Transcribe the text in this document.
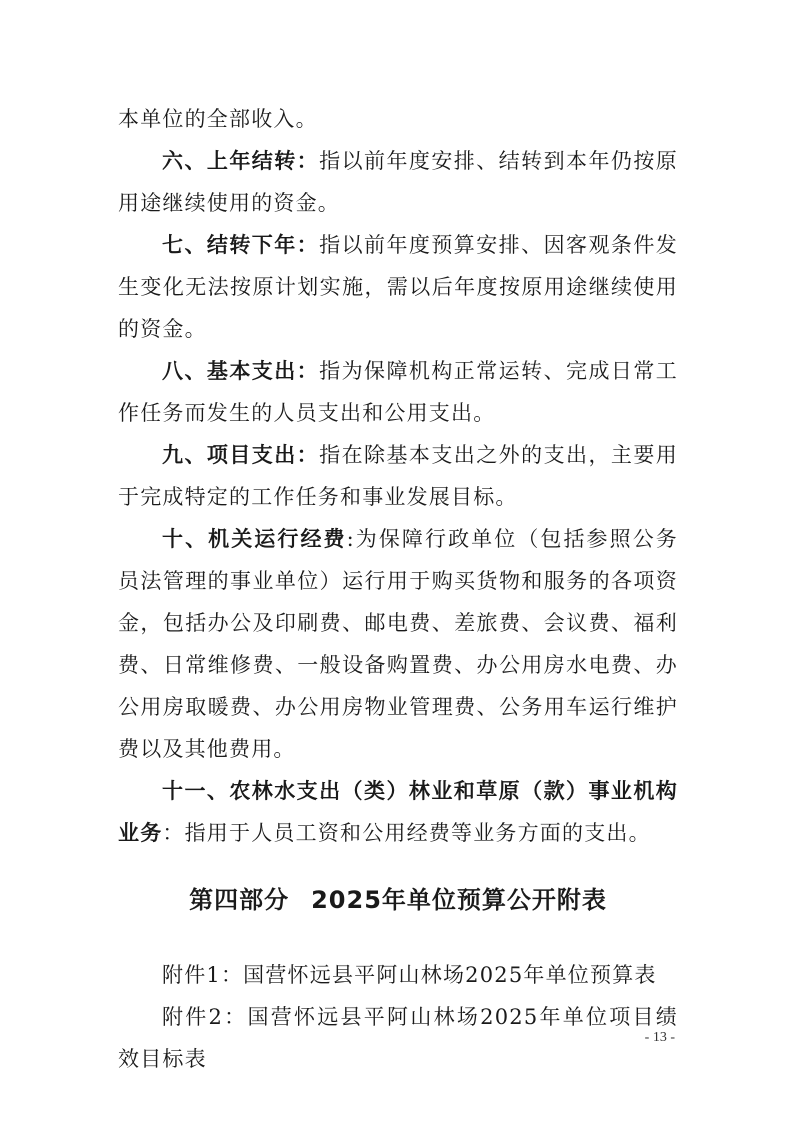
本单位的全部收入。

六、上年结转：指以前年度安排、结转到本年仍按原用途继续使用的资金。

七、结转下年：指以前年度预算安排、因客观条件发生变化无法按原计划实施，需以后年度按原用途继续使用的资金。

八、基本支出：指为保障机构正常运转、完成日常工作任务而发生的人员支出和公用支出。

九、项目支出：指在除基本支出之外的支出，主要用于完成特定的工作任务和事业发展目标。

十、机关运行经费:为保障行政单位（包括参照公务员法管理的事业单位）运行用于购买货物和服务的各项资金，包括办公及印刷费、邮电费、差旅费、会议费、福利费、日常维修费、一般设备购置费、办公用房水电费、办公用房取暖费、办公用房物业管理费、公务用车运行维护费以及其他费用。

十一、农林水支出（类）林业和草原（款）事业机构业务：指用于人员工资和公用经费等业务方面的支出。

第四部分 2025年单位预算公开附表

附件1：国营怀远县平阿山林场2025年单位预算表

附件2：国营怀远县平阿山林场2025年单位项目绩效目标表

- 13 -
